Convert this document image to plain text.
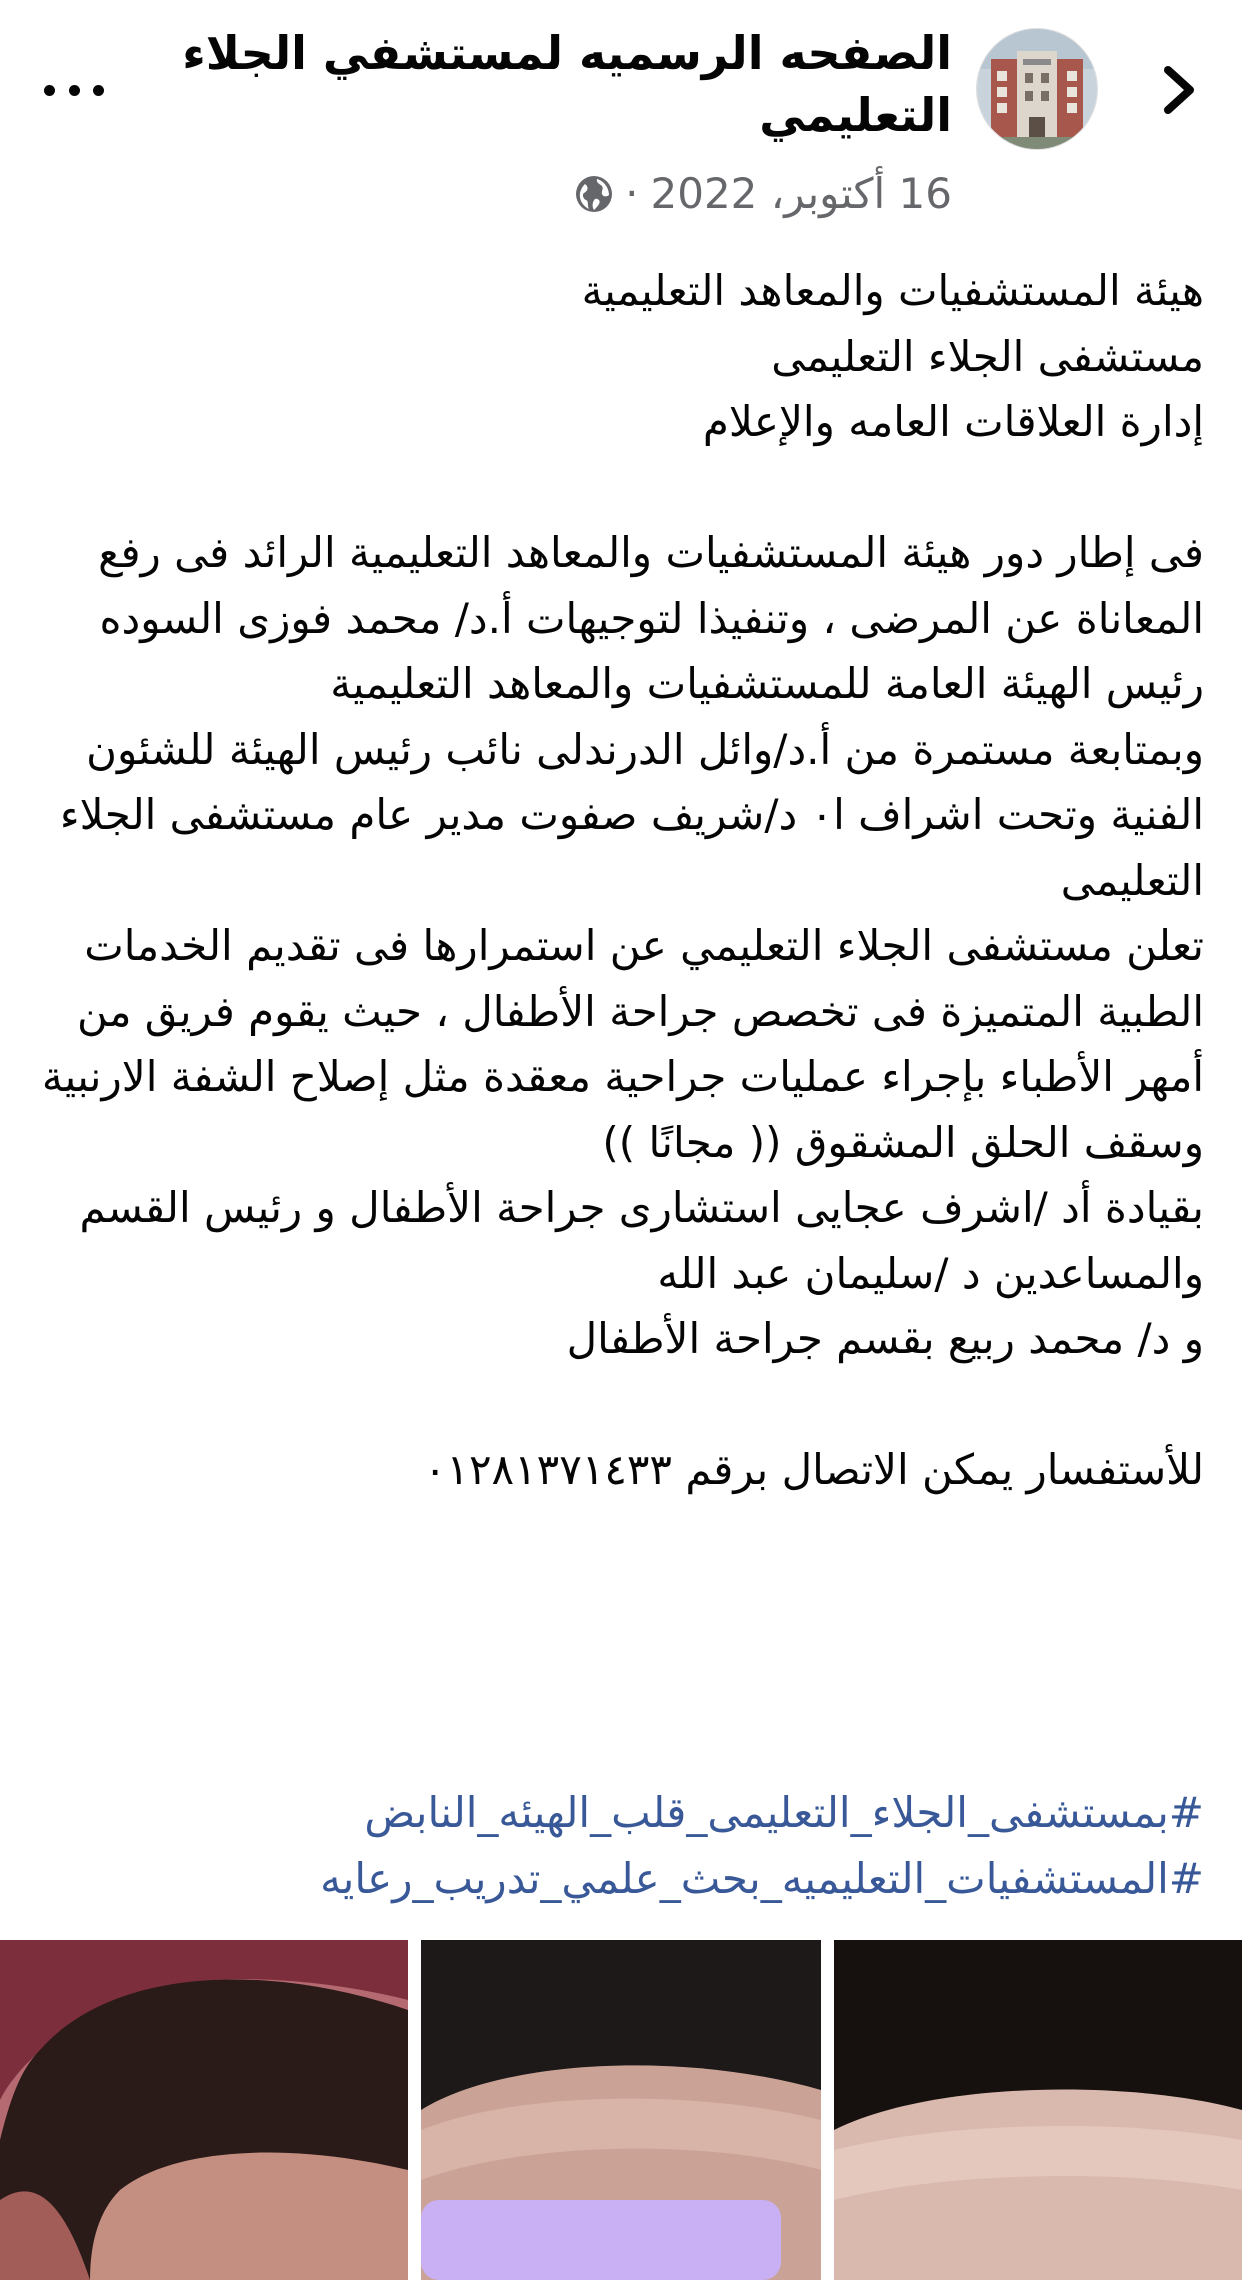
الصفحه الرسميه لمستشفي الجلاء التعليمي
16 أكتوبر، 2022
·

هيئة المستشفيات والمعاهد التعليمية

مستشفى الجلاء التعليمى

إدارة العلاقات العامه والإعلام

فى إطار دور هيئة المستشفيات والمعاهد التعليمية الرائد فى رفع المعاناة عن المرضى ، وتنفيذا لتوجيهات أ.د/ محمد فوزى السوده رئيس الهيئة العامة للمستشفيات والمعاهد التعليمية

وبمتابعة مستمرة من أ.د/وائل الدرندلى نائب رئيس الهيئة للشئون الفنية وتحت اشراف ا٠ د/شريف صفوت مدير عام مستشفى الجلاء التعليمى

تعلن مستشفى الجلاء التعليمي عن استمرارها فى تقديم الخدمات الطبية المتميزة فى تخصص جراحة الأطفال ، حيث يقوم فريق من أمهر الأطباء بإجراء عمليات جراحية معقدة مثل إصلاح الشفة الارنبية وسقف الحلق المشقوق (( مجانًا ))

بقيادة أد /اشرف عجايى استشارى جراحة الأطفال و رئيس القسم

والمساعدين د /سليمان عبد الله

و د/ محمد ربيع بقسم جراحة الأطفال

للأستفسار يمكن الاتصال برقم ٠١٢٨١٣٧١٤٣٣

#بمستشفى_الجلاء_التعليمى_قلب_الهيئه_النابض

#المستشفيات_التعليميه_بحث_علمي_تدريب_رعايه
